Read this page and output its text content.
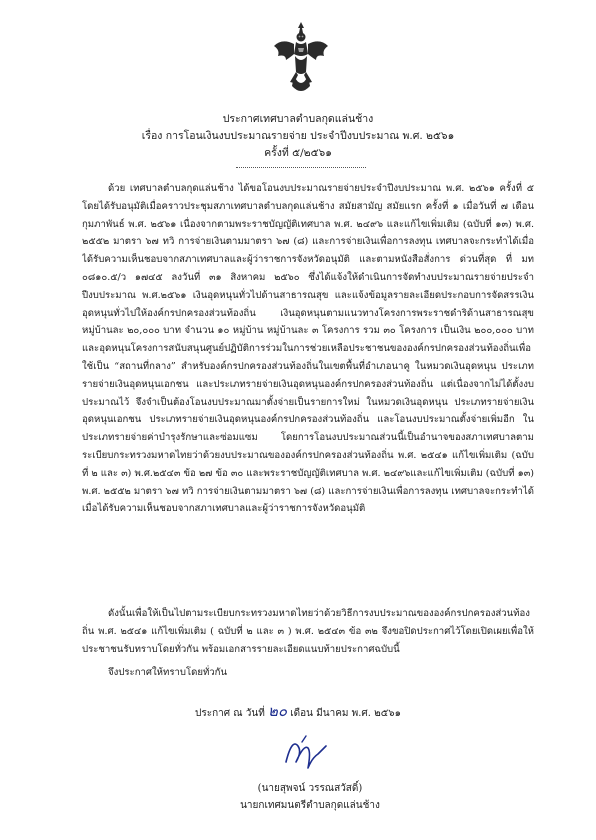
ประกาศเทศบาลตำบลกุดแล่นช้าง
เรื่อง การโอนเงินงบประมาณรายจ่าย ประจำปีงบประมาณ พ.ศ. ๒๕๖๑
ครั้งที่ ๕/๒๕๖๑
ด้วย เทศบาลตำบลกุดแล่นช้าง ได้ขอโอนงบประมาณรายจ่ายประจำปีงบประมาณ พ.ศ. ๒๕๖๑ ครั้งที่ ๕ โดยได้รับอนุมัติเมื่อคราวประชุมสภาเทศบาลตำบลกุดแล่นช้าง สมัยสามัญ สมัยแรก ครั้งที่ ๑ เมื่อวันที่ ๗ เดือน กุมภาพันธ์ พ.ศ. ๒๕๖๑ เนื่องจากตามพระราชบัญญัติเทศบาล พ.ศ. ๒๔๙๖ และแก้ไขเพิ่มเติม (ฉบับที่ ๑๓) พ.ศ. ๒๕๕๒ มาตรา ๖๗ ทวิ การจ่ายเงินตามมาตรา ๖๗ (๘) และการจ่ายเงินเพื่อการลงทุน เทศบาลจะกระทำได้เมื่อได้รับความเห็นชอบจากสภาเทศบาลและผู้ว่าราชการจังหวัดอนุมัติ และตามหนังสือสั่งการ ด่วนที่สุด ที่ มท ๐๘๑๐.๕/ว ๑๗๔๕ ลงวันที่ ๓๑ สิงหาคม ๒๕๖๐ ซึ่งได้แจ้งให้ดำเนินการจัดทำงบประมาณรายจ่ายประจำปีงบประมาณ พ.ศ.๒๕๖๑ เงินอุดหนุนทั่วไปด้านสาธารณสุข และแจ้งข้อมูลรายละเอียดประกอบการจัดสรรเงินอุดหนุนทั่วไปให้องค์กรปกครองส่วนท้องถิ่น เงินอุดหนุนตามแนวทางโครงการพระราชดำริด้านสาธารณสุข หมู่บ้านละ ๒๐,๐๐๐ บาท จำนวน ๑๐ หมู่บ้าน หมู่บ้านละ ๓ โครงการ รวม ๓๐ โครงการ เป็นเงิน ๒๐๐,๐๐๐ บาท และอุดหนุนโครงการสนับสนุนศูนย์ปฏิบัติการร่วมในการช่วยเหลือประชาชนขององค์กรปกครองส่วนท้องถิ่นเพื่อใช้เป็น “สถานที่กลาง” สำหรับองค์กรปกครองส่วนท้องถิ่นในเขตพื้นที่อำเภอนาคู ในหมวดเงินอุดหนุน ประเภทรายจ่ายเงินอุดหนุนเอกชน และประเภทรายจ่ายเงินอุดหนุนองค์กรปกครองส่วนท้องถิ่น แต่เนื่องจากไม่ได้ตั้งงบประมาณไว้ จึงจำเป็นต้องโอนงบประมาณมาตั้งจ่ายเป็นรายการใหม่ ในหมวดเงินอุดหนุน ประเภทรายจ่ายเงินอุดหนุนเอกชน ประเภทรายจ่ายเงินอุดหนุนองค์กรปกครองส่วนท้องถิ่น และโอนงบประมาณตั้งจ่ายเพิ่มอีก ในประเภทรายจ่ายค่าบำรุงรักษาและซ่อมแซม โดยการโอนงบประมาณส่วนนี้เป็นอำนาจของสภาเทศบาลตามระเบียบกระทรวงมหาดไทยว่าด้วยงบประมาณขององค์กรปกครองส่วนท้องถิ่น พ.ศ. ๒๕๔๑ แก้ไขเพิ่มเติม (ฉบับที่ ๒ และ ๓) พ.ศ.๒๕๔๓ ข้อ ๒๗ ข้อ ๓๐ และพระราชบัญญัติเทศบาล พ.ศ. ๒๔๙๖และแก้ไขเพิ่มเติม (ฉบับที่ ๑๓) พ.ศ. ๒๕๕๒ มาตรา ๖๗ ทวิ การจ่ายเงินตามมาตรา ๖๗ (๘) และการจ่ายเงินเพื่อการลงทุน เทศบาลจะกระทำได้เมื่อได้รับความเห็นชอบจากสภาเทศบาลและผู้ว่าราชการจังหวัดอนุมัติ
ดังนั้นเพื่อให้เป็นไปตามระเบียบกระทรวงมหาดไทยว่าด้วยวิธีการงบประมาณขององค์กรปกครองส่วนท้องถิ่น พ.ศ. ๒๕๔๑ แก้ไขเพิ่มเติม ( ฉบับที่ ๒ และ ๓ ) พ.ศ. ๒๕๔๓ ข้อ ๓๒ จึงขอปิดประกาศไว้โดยเปิดเผยเพื่อให้ประชาชนรับทราบโดยทั่วกัน พร้อมเอกสารรายละเอียดแนบท้ายประกาศฉบับนี้
จึงประกาศให้ทราบโดยทั่วกัน
ประกาศ ณ วันที่ ๒๐ เดือน มีนาคม พ.ศ. ๒๕๖๑
(นายสุพจน์ วรรณสวัสดิ์)
นายกเทศมนตรีตำบลกุดแล่นช้าง
